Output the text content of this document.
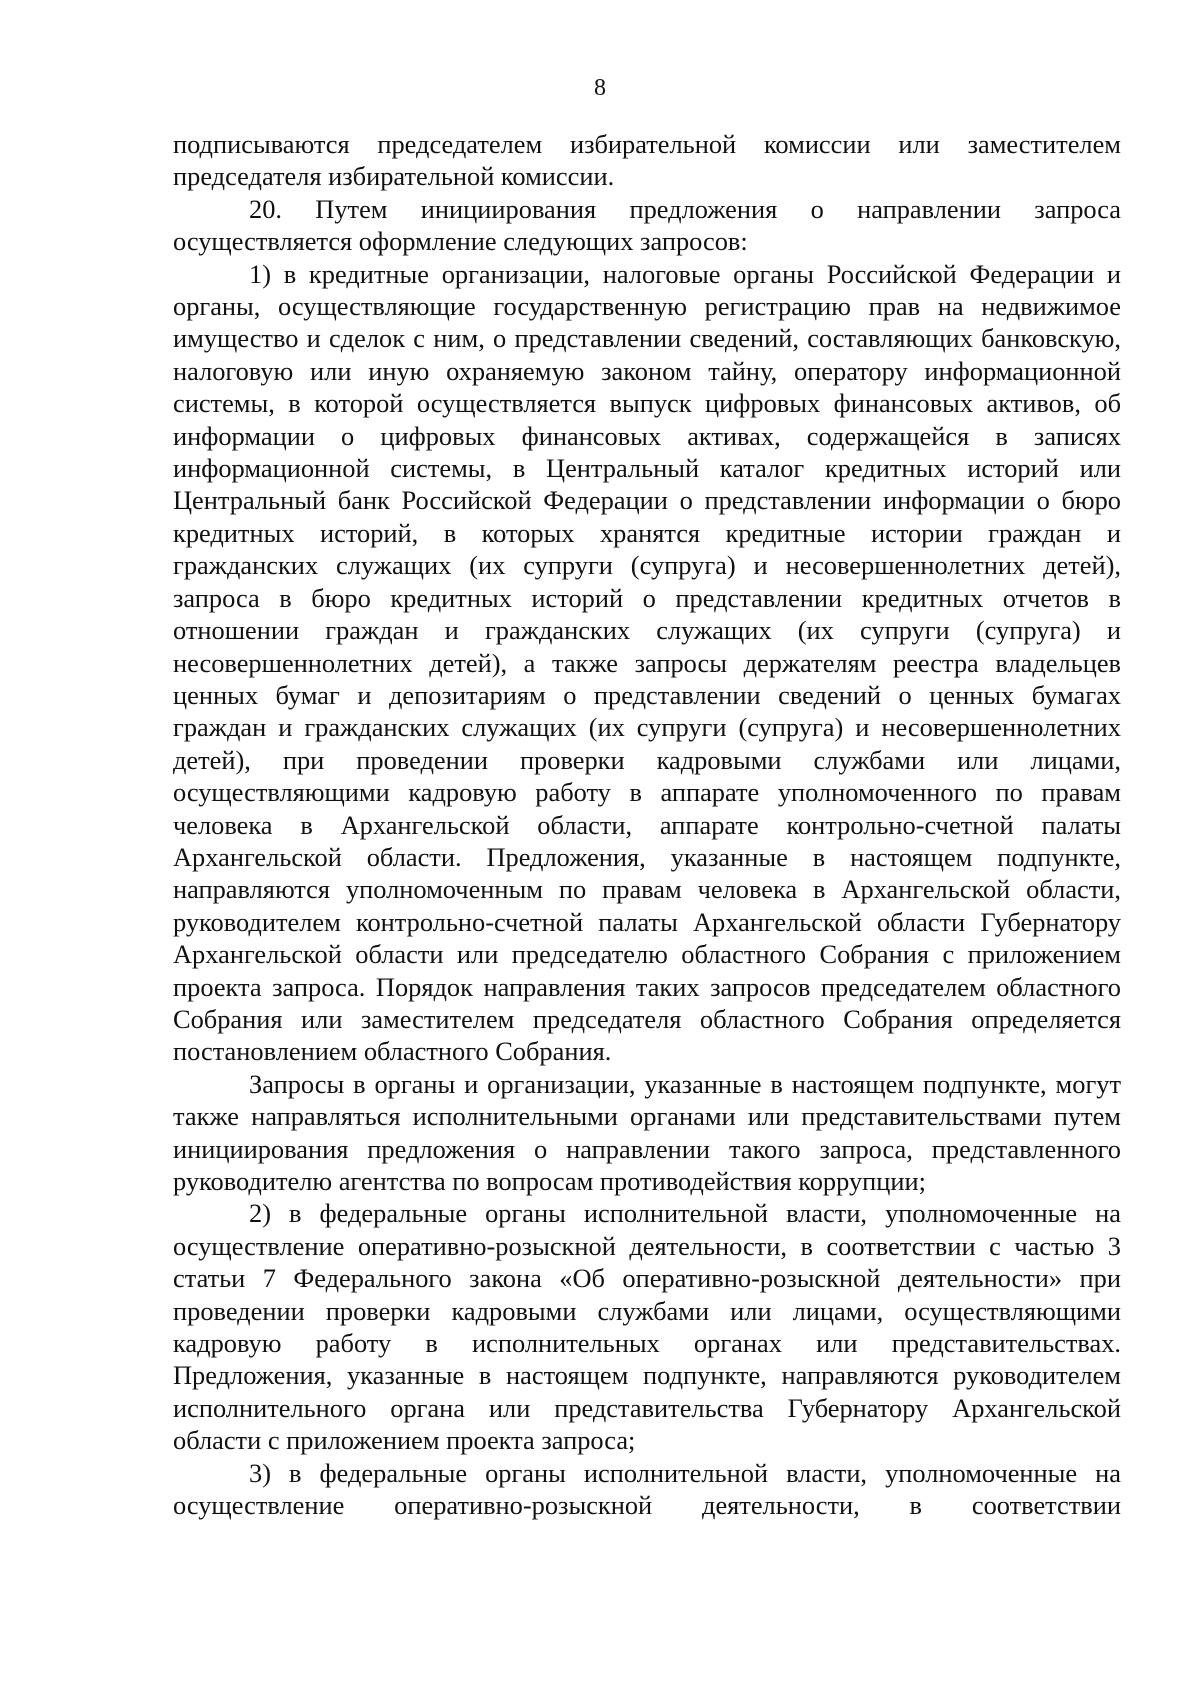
8

подписываются председателем избирательной комиссии или заместителем председателя избирательной комиссии.

20. Путем инициирования предложения о направлении запроса осуществляется оформление следующих запросов:

1) в кредитные организации, налоговые органы Российской Федерации и органы, осуществляющие государственную регистрацию прав на недвижимое имущество и сделок с ним, о представлении сведений, составляющих банковскую, налоговую или иную охраняемую законом тайну, оператору информационной системы, в которой осуществляется выпуск цифровых финансовых активов, об информации о цифровых финансовых активах, содержащейся в записях информационной системы, в Центральный каталог кредитных историй или Центральный банк Российской Федерации о представлении информации о бюро кредитных историй, в которых хранятся кредитные истории граждан и гражданских служащих (их супруги (супруга) и несовершеннолетних детей), запроса в бюро кредитных историй о представлении кредитных отчетов в отношении граждан и гражданских служащих (их супруги (супруга) и несовершеннолетних детей), а также запросы держателям реестра владельцев ценных бумаг и депозитариям о представлении сведений о ценных бумагах граждан и гражданских служащих (их супруги (супруга) и несовершеннолетних детей), при проведении проверки кадровыми службами или лицами, осуществляющими кадровую работу в аппарате уполномоченного по правам человека в Архангельской области, аппарате контрольно-счетной палаты Архангельской области. Предложения, указанные в настоящем подпункте, направляются уполномоченным по правам человека в Архангельской области, руководителем контрольно-счетной палаты Архангельской области Губернатору Архангельской области или председателю областного Собрания с приложением проекта запроса. Порядок направления таких запросов председателем областного Собрания или заместителем председателя областного Собрания определяется постановлением областного Собрания.

Запросы в органы и организации, указанные в настоящем подпункте, могут также направляться исполнительными органами или представительствами путем инициирования предложения о направлении такого запроса, представленного руководителю агентства по вопросам противодействия коррупции;

2) в федеральные органы исполнительной власти, уполномоченные на осуществление оперативно-розыскной деятельности, в соответствии с частью 3 статьи 7 Федерального закона «Об оперативно-розыскной деятельности» при проведении проверки кадровыми службами или лицами, осуществляющими кадровую работу в исполнительных органах или представительствах. Предложения, указанные в настоящем подпункте, направляются руководителем исполнительного органа или представительства Губернатору Архангельской области с приложением проекта запроса;

3) в федеральные органы исполнительной власти, уполномоченные на осуществление оперативно-розыскной деятельности, в соответствии
